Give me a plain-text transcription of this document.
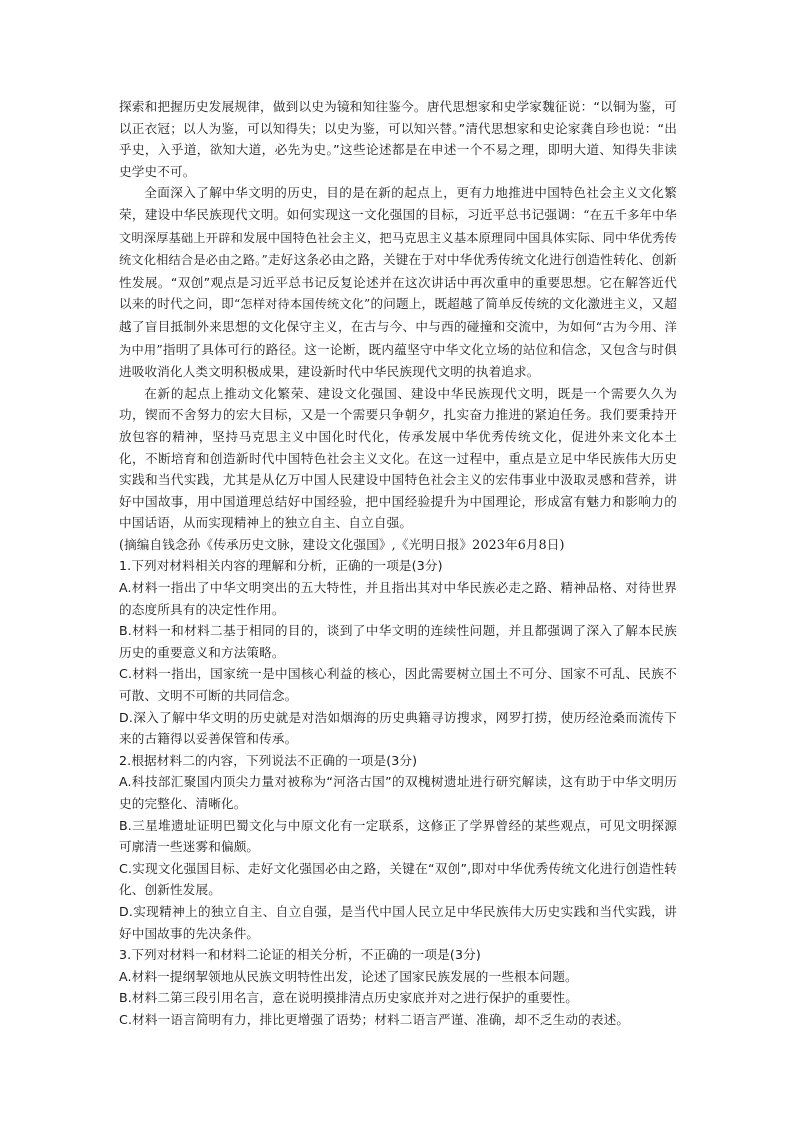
探索和把握历史发展规律，做到以史为镜和知往鉴今。唐代思想家和史学家魏征说：“以铜为鉴，可以正衣冠；以人为鉴，可以知得失；以史为鉴，可以知兴替。”清代思想家和史论家龚自珍也说：“出乎史，入乎道，欲知大道，必先为史。”这些论述都是在申述一个不易之理，即明大道、知得失非读史学史不可。

全面深入了解中华文明的历史，目的是在新的起点上，更有力地推进中国特色社会主义文化繁荣，建设中华民族现代文明。如何实现这一文化强国的目标，习近平总书记强调：“在五千多年中华文明深厚基础上开辟和发展中国特色社会主义，把马克思主义基本原理同中国具体实际、同中华优秀传统文化相结合是必由之路。”走好这条必由之路，关键在于对中华优秀传统文化进行创造性转化、创新性发展。“双创”观点是习近平总书记反复论述并在这次讲话中再次重申的重要思想。它在解答近代以来的时代之问，即“怎样对待本国传统文化”的问题上，既超越了简单反传统的文化激进主义，又超越了盲目抵制外来思想的文化保守主义，在古与今、中与西的碰撞和交流中，为如何“古为今用、洋为中用”指明了具体可行的路径。这一论断，既内蕴坚守中华文化立场的站位和信念，又包含与时俱进吸收消化人类文明积极成果，建设新时代中华民族现代文明的执着追求。

在新的起点上推动文化繁荣、建设文化强国、建设中华民族现代文明，既是一个需要久久为功，锲而不舍努力的宏大目标，又是一个需要只争朝夕，扎实奋力推进的紧迫任务。我们要秉持开放包容的精神，坚持马克思主义中国化时代化，传承发展中华优秀传统文化，促进外来文化本土化，不断培育和创造新时代中国特色社会主义文化。在这一过程中，重点是立足中华民族伟大历史实践和当代实践，尤其是从亿万中国人民建设中国特色社会主义的宏伟事业中汲取灵感和营养，讲好中国故事，用中国道理总结好中国经验，把中国经验提升为中国理论，形成富有魅力和影响力的中国话语，从而实现精神上的独立自主、自立自强。

(摘编自钱念孙《传承历史文脉，建设文化强国》,《光明日报》2023年6月8日)

1.下列对材料相关内容的理解和分析，正确的一项是(3分)

A.材料一指出了中华文明突出的五大特性，并且指出其对中华民族必走之路、精神品格、对待世界的态度所具有的决定性作用。

B.材料一和材料二基于相同的目的，谈到了中华文明的连续性问题，并且都强调了深入了解本民族历史的重要意义和方法策略。

C.材料一指出，国家统一是中国核心利益的核心，因此需要树立国土不可分、国家不可乱、民族不可散、文明不可断的共同信念。

D.深入了解中华文明的历史就是对浩如烟海的历史典籍寻访搜求，网罗打捞，使历经沧桑而流传下来的古籍得以妥善保管和传承。

2.根据材料二的内容，下列说法不正确的一项是(3分)

A.科技部汇聚国内顶尖力量对被称为“河洛古国”的双槐树遗址进行研究解读，这有助于中华文明历史的完整化、清晰化。

B.三星堆遗址证明巴蜀文化与中原文化有一定联系，这修正了学界曾经的某些观点，可见文明探源可廓清一些迷雾和偏颇。

C.实现文化强国目标、走好文化强国必由之路，关键在“双创”,即对中华优秀传统文化进行创造性转化、创新性发展。

D.实现精神上的独立自主、自立自强，是当代中国人民立足中华民族伟大历史实践和当代实践，讲好中国故事的先决条件。

3.下列对材料一和材料二论证的相关分析，不正确的一项是(3分)

A.材料一提纲挈领地从民族文明特性出发，论述了国家民族发展的一些根本问题。

B.材料二第三段引用名言，意在说明摸排清点历史家底并对之进行保护的重要性。

C.材料一语言简明有力，排比更增强了语势；材料二语言严谨、准确，却不乏生动的表述。
